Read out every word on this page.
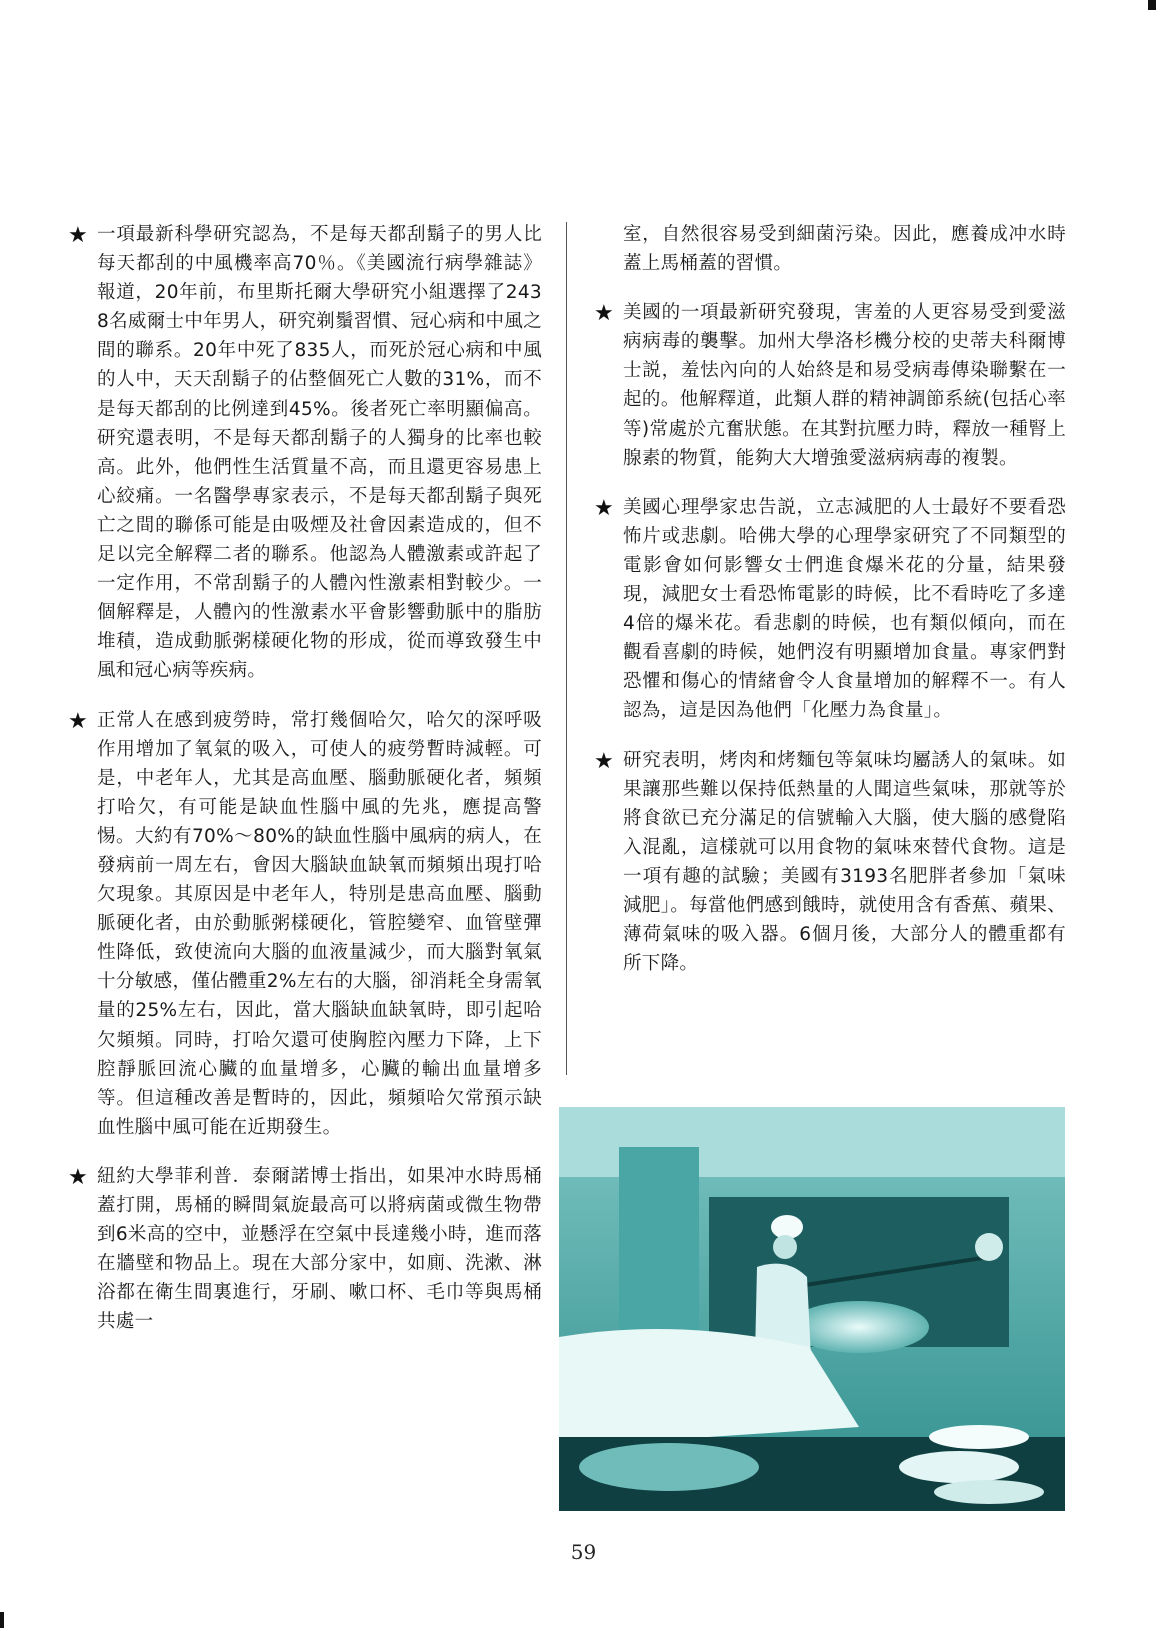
★ 一項最新科學研究認為，不是每天都刮鬍子的男人比每天都刮的中風機率高70％。《美國流行病學雜誌》報道，20年前，布里斯托爾大學研究小組選擇了2438名威爾士中年男人，研究剃鬚習慣、冠心病和中風之間的聯系。20年中死了835人，而死於冠心病和中風的人中，天天刮鬍子的佔整個死亡人數的31%，而不是每天都刮的比例達到45%。後者死亡率明顯偏高。研究還表明，不是每天都刮鬍子的人獨身的比率也較高。此外，他們性生活質量不高，而且還更容易患上心絞痛。一名醫學專家表示，不是每天都刮鬍子與死亡之間的聯係可能是由吸煙及社會因素造成的，但不足以完全解釋二者的聯系。他認為人體激素或許起了一定作用，不常刮鬍子的人體內性激素相對較少。一個解釋是，人體內的性激素水平會影響動脈中的脂肪堆積，造成動脈粥樣硬化物的形成，從而導致發生中風和冠心病等疾病。
★ 正常人在感到疲勞時，常打幾個哈欠，哈欠的深呼吸作用增加了氧氣的吸入，可使人的疲勞暫時減輕。可是，中老年人，尤其是高血壓、腦動脈硬化者，頻頻打哈欠，有可能是缺血性腦中風的先兆，應提高警惕。大約有70%～80%的缺血性腦中風病的病人，在發病前一周左右，會因大腦缺血缺氧而頻頻出現打哈欠現象。其原因是中老年人，特別是患高血壓、腦動脈硬化者，由於動脈粥樣硬化，管腔變窄、血管壁彈性降低，致使流向大腦的血液量減少，而大腦對氧氣十分敏感，僅佔體重2%左右的大腦，卻消耗全身需氧量的25%左右，因此，當大腦缺血缺氧時，即引起哈欠頻頻。同時，打哈欠還可使胸腔內壓力下降，上下腔靜脈回流心臟的血量增多，心臟的輸出血量增多等。但這種改善是暫時的，因此，頻頻哈欠常預示缺血性腦中風可能在近期發生。
★ 紐約大學菲利普．泰爾諾博士指出，如果冲水時馬桶蓋打開，馬桶的瞬間氣旋最高可以將病菌或微生物帶到6米高的空中，並懸浮在空氣中長達幾小時，進而落在牆壁和物品上。現在大部分家中，如廁、洗漱、淋浴都在衛生間裏進行，牙刷、嗽口杯、毛巾等與馬桶共處一
室，自然很容易受到細菌污染。因此，應養成冲水時蓋上馬桶蓋的習慣。
★ 美國的一項最新研究發現，害羞的人更容易受到愛滋病病毒的襲擊。加州大學洛杉機分校的史蒂夫科爾博士説，羞怯內向的人始終是和易受病毒傳染聯繫在一起的。他解釋道，此類人群的精神調節系統(包括心率等)常處於亢奮狀態。在其對抗壓力時，釋放一種腎上腺素的物質，能夠大大增強愛滋病病毒的複製。
★ 美國心理學家忠告説，立志減肥的人士最好不要看恐怖片或悲劇。哈佛大學的心理學家研究了不同類型的電影會如何影響女士們進食爆米花的分量，結果發現，減肥女士看恐怖電影的時候，比不看時吃了多達4倍的爆米花。看悲劇的時候，也有類似傾向，而在觀看喜劇的時候，她們沒有明顯增加食量。專家們對恐懼和傷心的情緒會令人食量增加的解釋不一。有人認為，這是因為他們「化壓力為食量」。
★ 研究表明，烤肉和烤麵包等氣味均屬誘人的氣味。如果讓那些難以保持低熱量的人聞這些氣味，那就等於將食欲已充分滿足的信號輸入大腦，使大腦的感覺陷入混亂，這樣就可以用食物的氣味來替代食物。這是一項有趣的試驗；美國有3193名肥胖者參加「氣味減肥」。每當他們感到餓時，就使用含有香蕉、蘋果、薄荷氣味的吸入器。6個月後，大部分人的體重都有所下降。
59
